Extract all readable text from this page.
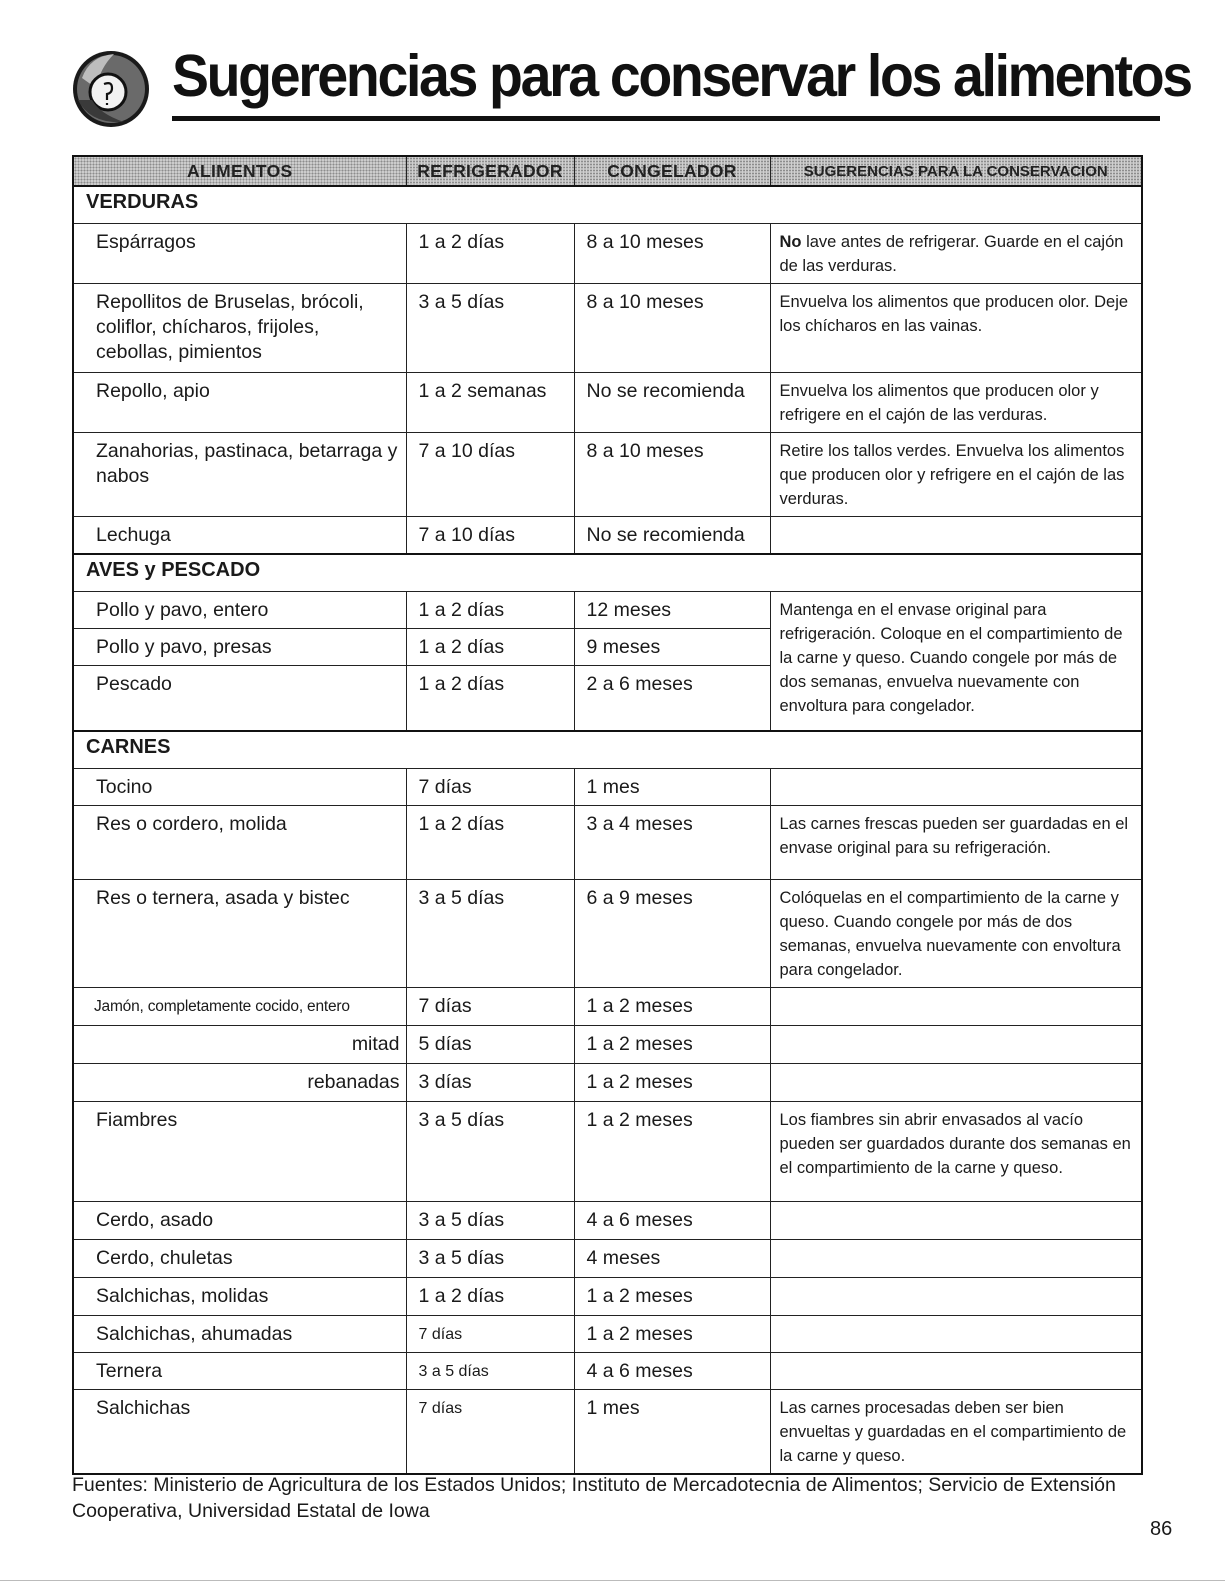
Sugerencias para conservar los alimentos
ALIMENTOS	REFRIGERADOR	CONGELADOR	SUGERENCIAS PARA LA CONSERVACION
VERDURAS			
Espárragos	1 a 2 días	8 a 10 meses	No lave antes de refrigerar. Guarde en el cajón de las verduras.
Repollitos de Bruselas, brócoli, coliflor, chícharos, frijoles, cebollas, pimientos	3 a 5 días	8 a 10 meses	Envuelva los alimentos que producen olor. Deje los chícharos en las vainas.
Repollo, apio	1 a 2 semanas	No se recomienda	Envuelva los alimentos que producen olor y refrigere en el cajón de las verduras.
Zanahorias, pastinaca, betarraga y nabos	7 a 10 días	8 a 10 meses	Retire los tallos verdes. Envuelva los alimentos que producen olor y refrigere en el cajón de las verduras.
Lechuga	7 a 10 días	No se recomienda	
AVES y PESCADO			
Pollo y pavo, entero	1 a 2 días	12 meses	Mantenga en el envase original para refrigeración. Coloque en el compartimiento de la carne y queso. Cuando congele por más de dos semanas, envuelva nuevamente con envoltura para congelador.
Pollo y pavo, presas	1 a 2 días	9 meses	
Pescado	1 a 2 días	2 a 6 meses	
CARNES			
Tocino	7 días	1 mes	
Res o cordero, molida	1 a 2 días	3 a 4 meses	Las carnes frescas pueden ser guardadas en el envase original para su refrigeración.
Res o ternera, asada y bistec	3 a 5 días	6 a 9 meses	Colóquelas en el compartimiento de la carne y queso. Cuando congele por más de dos semanas, envuelva nuevamente con envoltura para congelador.
Jamón, completamente cocido, entero	7 días	1 a 2 meses	
mitad	5 días	1 a 2 meses	
rebanadas	3 días	1 a 2 meses	
Fiambres	3 a 5 días	1 a 2 meses	Los fiambres sin abrir envasados al vacío pueden ser guardados durante dos semanas en el compartimiento de la carne y queso.
Cerdo, asado	3 a 5 días	4 a 6 meses	
Cerdo, chuletas	3 a 5 días	4 meses	
Salchichas, molidas	1 a 2 días	1 a 2 meses	
Salchichas, ahumadas	7 días	1 a 2 meses	
Ternera	3 a 5 días	4 a 6 meses	
Salchichas	7 días	1 mes	Las carnes procesadas deben ser bien envueltas y guardadas en el compartimiento de la carne y queso.

Fuentes: Ministerio de Agricultura de los Estados Unidos; Instituto de Mercadotecnia de Alimentos; Servicio de Extensión Cooperativa, Universidad Estatal de Iowa

86
